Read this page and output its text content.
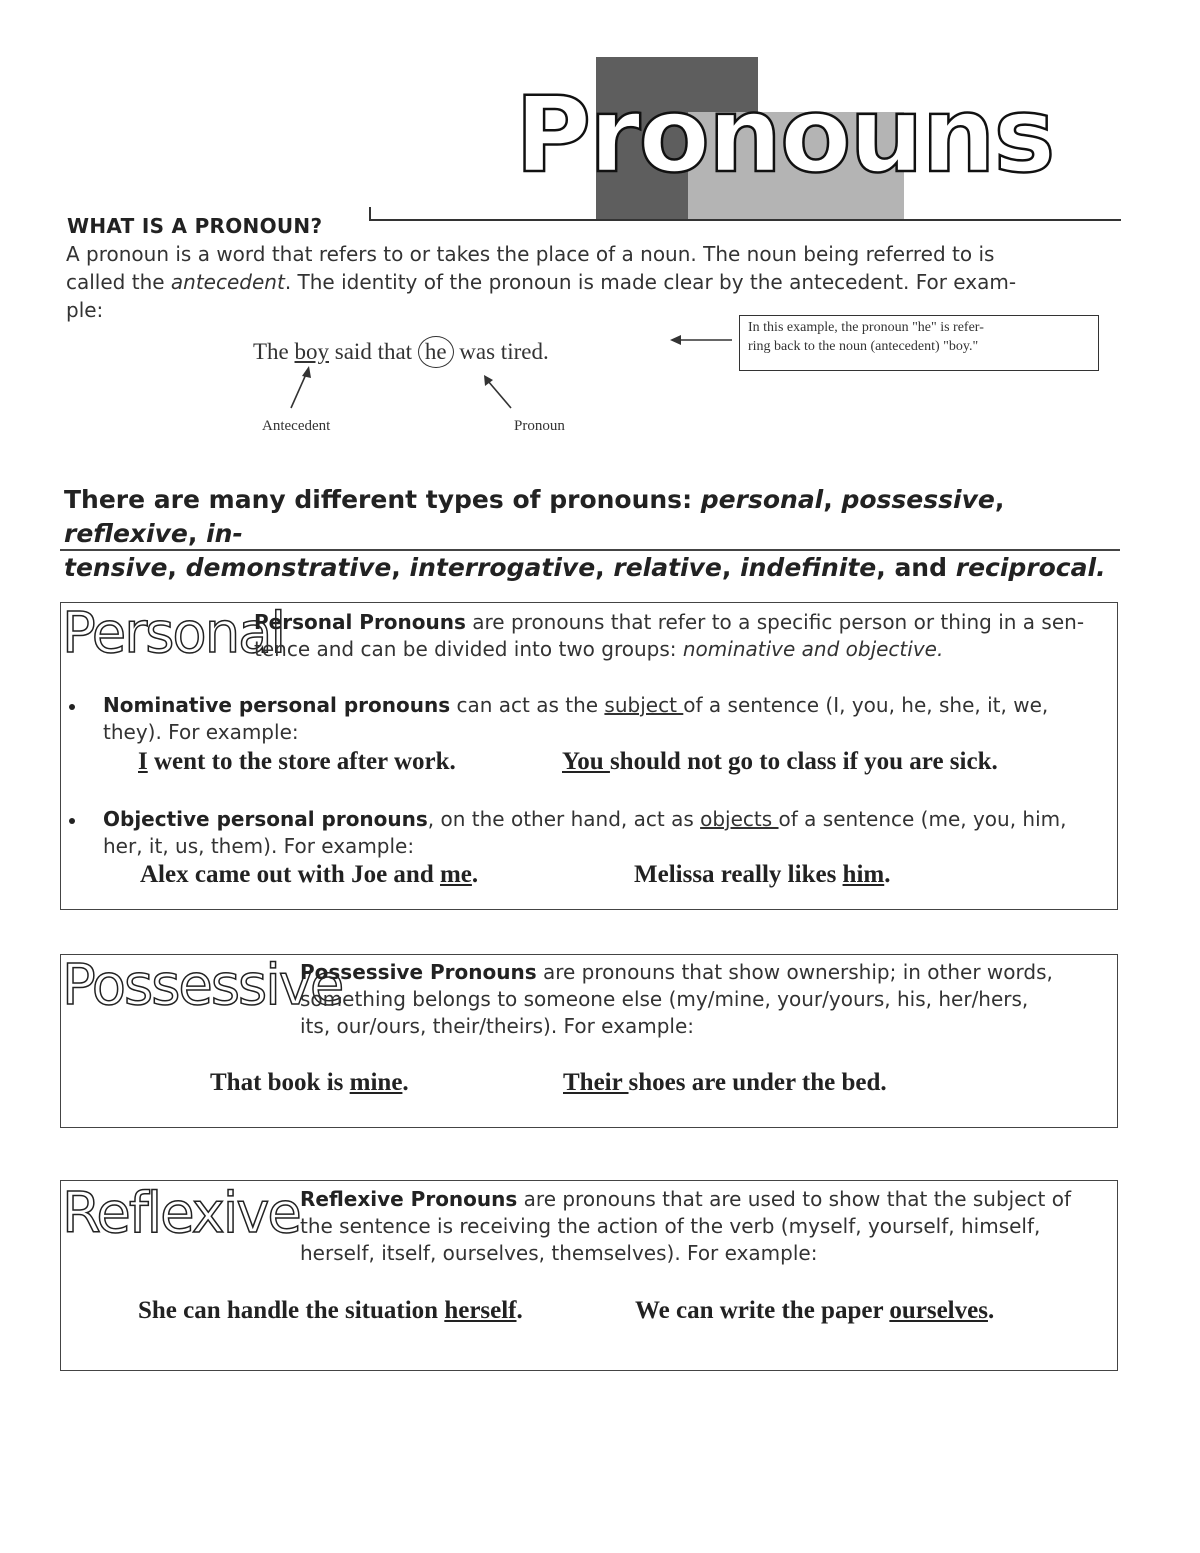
Pronouns
WHAT IS A PRONOUN?
A pronoun is a word that refers to or takes the place of a noun. The noun being referred to is
called the antecedent. The identity of the pronoun is made clear by the antecedent. For exam-
ple:
The boy said that he was tired.
Antecedent	Pronoun
In this example, the pronoun "he" is refer-
ring back to the noun (antecedent) "boy."
There are many different types of pronouns: personal, possessive, reflexive, in-
tensive, demonstrative, interrogative, relative, indefinite, and reciprocal.
Personal
Personal Pronouns are pronouns that refer to a specific person or thing in a sen-
tence and can be divided into two groups: nominative and objective.
Nominative personal pronouns can act as the subject of a sentence (I, you, he, she, it, we,
they). For example:
I went to the store after work.	You should not go to class if you are sick.
Objective personal pronouns, on the other hand, act as objects of a sentence (me, you, him,
her, it, us, them). For example:
Alex came out with Joe and me.	Melissa really likes him.
Possessive
Possessive Pronouns are pronouns that show ownership; in other words,
something belongs to someone else (my/mine, your/yours, his, her/hers,
its, our/ours, their/theirs). For example:
That book is mine.	Their shoes are under the bed.
Reflexive Reflexive Pronouns are pronouns that are used to show that the subject of
the sentence is receiving the action of the verb (myself, yourself, himself,
herself, itself, ourselves, themselves). For example:
She can handle the situation herself.	We can write the paper ourselves.
